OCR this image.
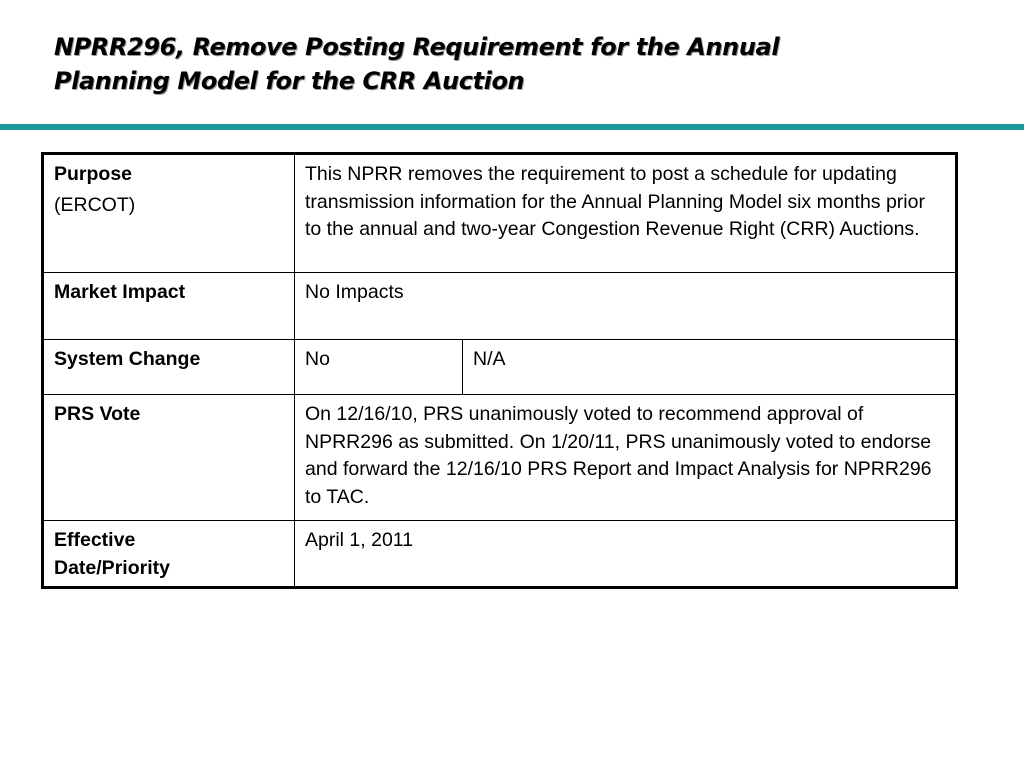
NPRR296, Remove Posting Requirement for the Annual
Planning Model for the CRR Auction
Purpose
(ERCOT)	This NPRR removes the requirement to post a schedule for updating transmission information for the Annual Planning Model six months prior to the annual and two-year Congestion Revenue Right (CRR) Auctions.	

Market Impact	No Impacts	

System Change	No	N/A

PRS Vote	On 12/16/10, PRS unanimously voted to recommend approval of NPRR296 as submitted. On 1/20/11, PRS unanimously voted to endorse and forward the 12/16/10 PRS Report and Impact Analysis for NPRR296 to TAC.	

Effective
Date/Priority	April 1, 2011	
